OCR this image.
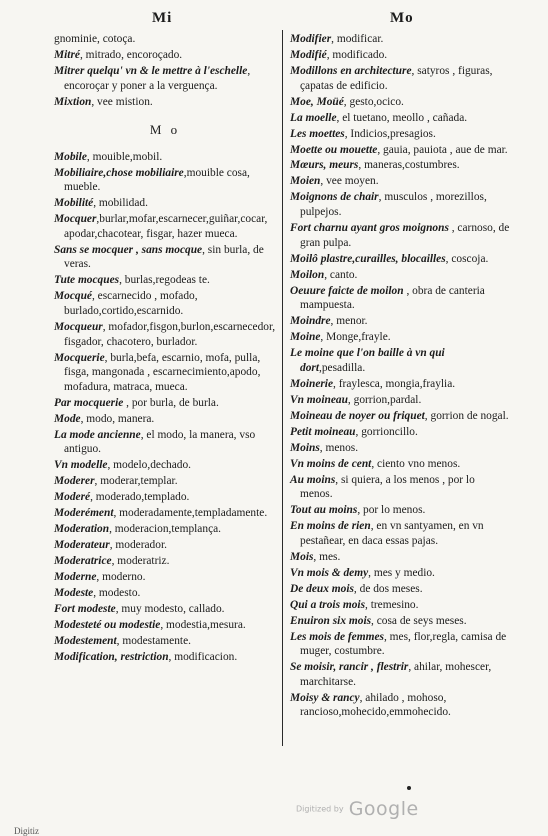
Mi	Mo
gnominie, cotoça.
Mitré, mitrado, encoroçado.
Mitrer quelqu' vn & le mettre à l'eschelle, encoroçar y poner a la verguença.
Mixtion, vee mistion.
M o
Mobile, mouible,mobil.
Mobiliaire,chose mobiliaire,mouible cosa, mueble.
Mobilité, mobilidad.
Mocquer,burlar,mofar,escarnecer,guiñar,cocar, apodar,chacotear, fisgar, hazer mueca.
Sans se mocquer , sans mocque, sin burla, de veras.
Tute mocques, burlas,regodeas te.
Mocqué, escarnecido , mofado, burlado,cortido,escarnido.
Mocqueur, mofador,fisgon,burlon,escarnecedor, fisgador, chacotero, burlador.
Mocquerie, burla,befa, escarnio, mofa, pulla, fisga, mangonada , escarnecimiento,apodo, mofadura, matraca, mueca.
Par mocquerie , por burla, de burla.
Mode, modo, manera.
La mode ancienne, el modo, la manera, vso antiguo.
Vn modelle, modelo,dechado.
Moderer, moderar,templar.
Moderé, moderado,templado.
Moderément, moderadamente,templadamente.
Moderation, moderacion,templança.
Moderateur, moderador.
Moderatrice, moderatriz.
Moderne, moderno.
Modeste, modesto.
Fort modeste, muy modesto, callado.
Modesteté ou modestie, modestia,mesura.
Modestement, modestamente.
Modification, restriction, modificacion.
Modifier, modificar.
Modifié, modificado.
Modillons en architecture, satyros , figuras, çapatas de edificio.
Moe, Moüé, gesto,ocico.
La moelle, el tuetano, meollo , cañada.
Les moettes, Indicios,presagios.
Moette ou mouette, gauia, pauiota , aue de mar.
Mœurs, meurs, maneras,costumbres.
Moien, vee moyen.
Moignons de chair, musculos , morezillos, pulpejos.
Fort charnu ayant gros moignons , carnoso, de gran pulpa.
Moilô plastre,curailles, blocailles, coscoja.
Moilon, canto.
Oeuure faicte de moilon , obra de canteria mampuesta.
Moindre, menor.
Moine, Monge,frayle.
Le moine que l'on baille à vn qui dort,pesadilla.
Moinerie, fraylesca, mongia,fraylia.
Vn moineau, gorrion,pardal.
Moineau de noyer ou friquet, gorrion de nogal.
Petit moineau, gorrioncillo.
Moins, menos.
Vn moins de cent, ciento vno menos.
Au moins, si quiera, a los menos , por lo menos.
Tout au moins, por lo menos.
En moins de rien, en vn santyamen, en vn pestañear, en daca essas pajas.
Mois, mes.
Vn mois & demy, mes y medio.
De deux mois, de dos meses.
Qui a trois mois, tremesino.
Enuiron six mois, cosa de seys meses.
Les mois de femmes, mes, flor,regla, camisa de muger, costumbre.
Se moisir, rancir , flestrir, ahilar, mohescer, marchitarse.
Moisy & rancy, ahilado , mohoso, ranciosο,mohecido,emmohecido.
Digitized by Google
Digitiz
